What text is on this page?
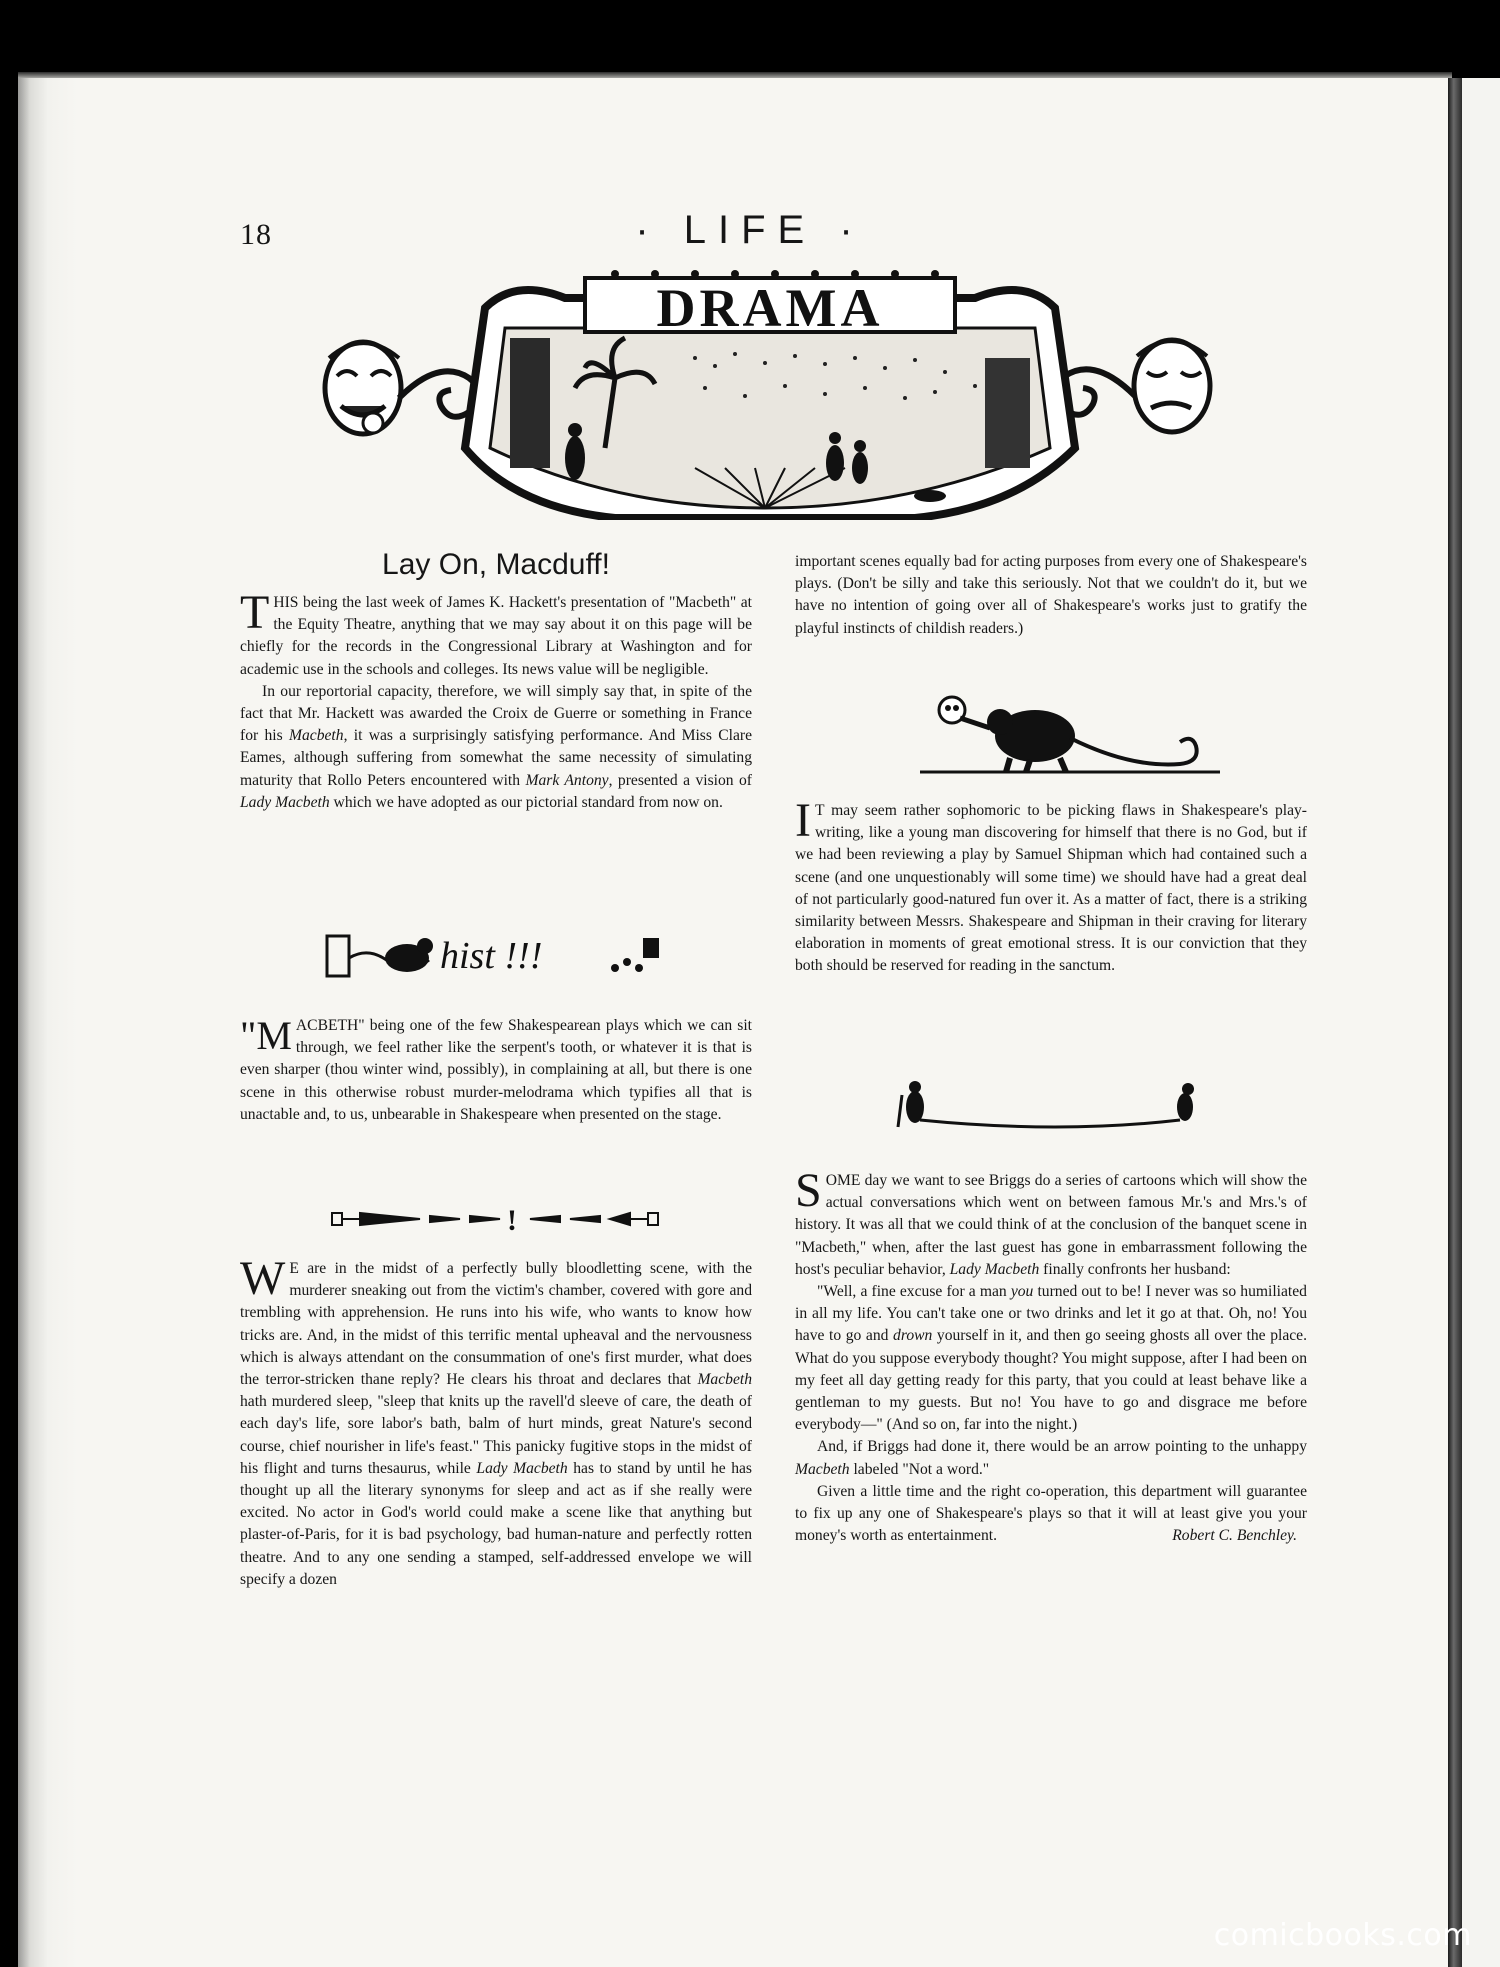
18	· LIFE ·
DRAMA
Lay On, Macduff!

THIS being the last week of James K. Hackett's presentation of "Macbeth" at the Equity Theatre, anything that we may say about it on this page will be chiefly for the records in the Congressional Library at Washington and for academic use in the schools and colleges. Its news value will be negligible.

In our reportorial capacity, therefore, we will simply say that, in spite of the fact that Mr. Hackett was awarded the Croix de Guerre or something in France for his Macbeth, it was a surprisingly satisfying performance. And Miss Clare Eames, although suffering from somewhat the same necessity of simulating maturity that Rollo Peters encountered with Mark Antony, presented a vision of Lady Macbeth which we have adopted as our pictorial standard from now on.

hist !!!

"MACBETH" being one of the few Shakespearean plays which we can sit through, we feel rather like the serpent's tooth, or whatever it is that is even sharper (thou winter wind, possibly), in complaining at all, but there is one scene in this otherwise robust murder-melodrama which typifies all that is unactable and, to us, unbearable in Shakespeare when presented on the stage.

!

W E are in the midst of a perfectly bully bloodletting scene, with the murderer sneaking out from the victim's chamber, covered with gore and trembling with apprehension. He runs into his wife, who wants to know how tricks are. And, in the midst of this terrific mental upheaval and the nervousness which is always attendant on the consummation of one's first murder, what does the terror-stricken thane reply? He clears his throat and declares that Macbeth hath murdered sleep, "sleep that knits up the ravell'd sleeve of care, the death of each day's life, sore labor's bath, balm of hurt minds, great Nature's second course, chief nourisher in life's feast." This panicky fugitive stops in the midst of his flight and turns thesaurus, while Lady Macbeth has to stand by until he has thought up all the literary synonyms for sleep and act as if she really were excited. No actor in God's world could make a scene like that anything but plaster-of-Paris, for it is bad psychology, bad human-nature and perfectly rotten theatre. And to any one sending a stamped, self-addressed envelope we will specify a dozen

important scenes equally bad for acting purposes from every one of Shakespeare's plays. (Don't be silly and take this seriously. Not that we couldn't do it, but we have no intention of going over all of Shakespeare's works just to gratify the playful instincts of childish readers.)

I T may seem rather sophomoric to be picking flaws in Shakespeare's play-writing, like a young man discovering for himself that there is no God, but if we had been reviewing a play by Samuel Shipman which had contained such a scene (and one unquestionably will some time) we should have had a great deal of not particularly good-natured fun over it. As a matter of fact, there is a striking similarity between Messrs. Shakespeare and Shipman in their craving for literary elaboration in moments of great emotional stress. It is our conviction that they both should be reserved for reading in the sanctum.

SOME day we want to see Briggs do a series of cartoons which will show the actual conversations which went on between famous Mr.'s and Mrs.'s of history. It was all that we could think of at the conclusion of the banquet scene in "Macbeth," when, after the last guest has gone in embarrassment following the host's peculiar behavior, Lady Macbeth finally confronts her husband:

"Well, a fine excuse for a man you turned out to be! I never was so humiliated in all my life. You can't take one or two drinks and let it go at that. Oh, no! You have to go and drown yourself in it, and then go seeing ghosts all over the place. What do you suppose everybody thought? You might suppose, after I had been on my feet all day getting ready for this party, that you could at least behave like a gentleman to my guests. But no! You have to go and disgrace me before everybody—" (And so on, far into the night.)

And, if Briggs had done it, there would be an arrow pointing to the unhappy Macbeth labeled "Not a word."

Given a little time and the right co-operation, this department will guarantee to fix up any one of Shakespeare's plays so that it will at least give you your money's worth as entertainment.	Robert C. Benchley.

comicbooks.com
